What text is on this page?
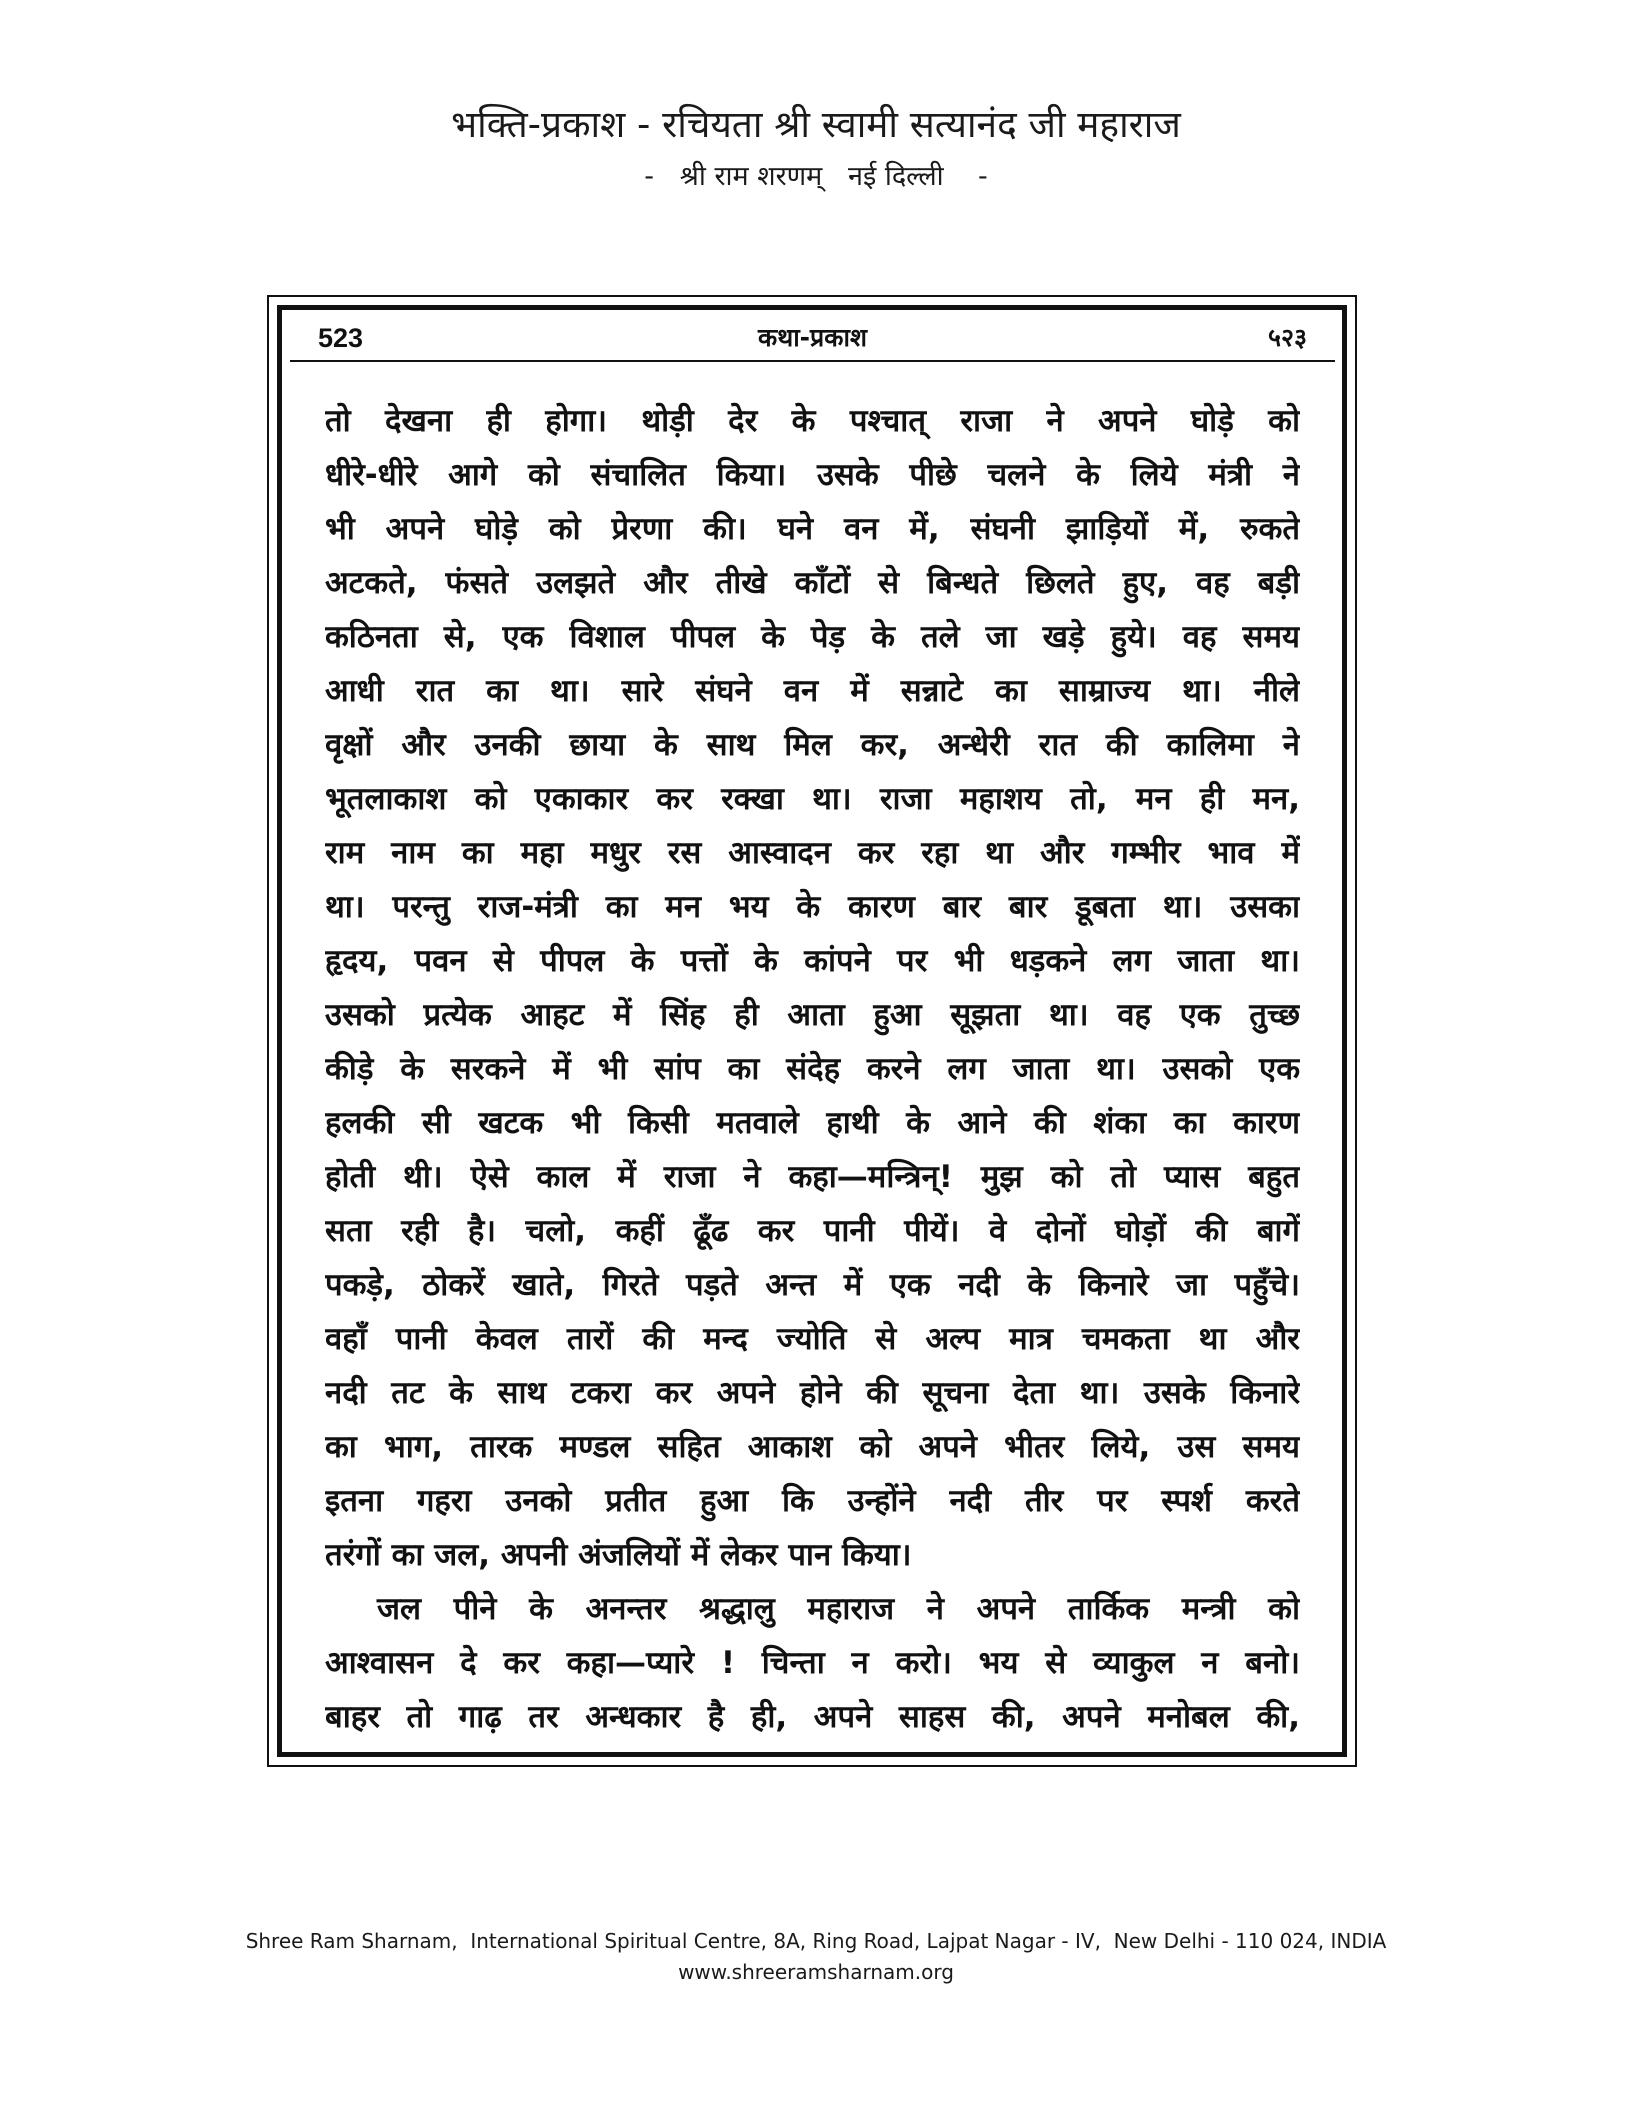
भक्ति-प्रकाश - रचियता श्री स्वामी सत्यानंद जी महाराज
-   श्री राम शरणम्   नई दिल्ली    -
523	कथा-प्रकाश	५२३
तो देखना ही होगा। थोड़ी देर के पश्चात् राजा ने अपने घोड़े को
धीरे-धीरे आगे को संचालित किया। उसके पीछे चलने के लिये मंत्री ने
भी अपने घोड़े को प्रेरणा की। घने वन में, संघनी झाड़ियों में, रुकते
अटकते, फंसते उलझते और तीखे काँटों से बिन्धते छिलते हुए, वह बड़ी
कठिनता से, एक विशाल पीपल के पेड़ के तले जा खड़े हुये। वह समय
आधी रात का था। सारे संघने वन में सन्नाटे का साम्राज्य था। नीले
वृक्षों और उनकी छाया के साथ मिल कर, अन्धेरी रात की कालिमा ने
भूतलाकाश को एकाकार कर रक्खा था। राजा महाशय तो, मन ही मन,
राम नाम का महा मधुर रस आस्वादन कर रहा था और गम्भीर भाव में
था। परन्तु राज-मंत्री का मन भय के कारण बार बार डूबता था। उसका
हृदय, पवन से पीपल के पत्तों के कांपने पर भी धड़कने लग जाता था।
उसको प्रत्येक आहट में सिंह ही आता हुआ सूझता था। वह एक तुच्छ
कीड़े के सरकने में भी सांप का संदेह करने लग जाता था। उसको एक
हलकी सी खटक भी किसी मतवाले हाथी के आने की शंका का कारण
होती थी। ऐसे काल में राजा ने कहा—मन्त्रिन्! मुझ को तो प्यास बहुत
सता रही है। चलो, कहीं ढूँढ कर पानी पीयें। वे दोनों घोड़ों की बागें
पकड़े, ठोकरें खाते, गिरते पड़ते अन्त में एक नदी के किनारे जा पहुँचे।
वहाँ पानी केवल तारों की मन्द ज्योति से अल्प मात्र चमकता था और
नदी तट के साथ टकरा कर अपने होने की सूचना देता था। उसके किनारे
का भाग, तारक मण्डल सहित आकाश को अपने भीतर लिये, उस समय
इतना गहरा उनको प्रतीत हुआ कि उन्होंने नदी तीर पर स्पर्श करते
तरंगों का जल, अपनी अंजलियों में लेकर पान किया।
जल पीने के अनन्तर श्रद्धालु महाराज ने अपने तार्किक मन्त्री को
आश्वासन दे कर कहा—प्यारे ! चिन्ता न करो। भय से व्याकुल न बनो।
बाहर तो गाढ़ तर अन्धकार है ही, अपने साहस की, अपने मनोबल की,
Shree Ram Sharnam,  International Spiritual Centre, 8A, Ring Road, Lajpat Nagar - IV,  New Delhi - 110 024, INDIA
www.shreeramsharnam.org
